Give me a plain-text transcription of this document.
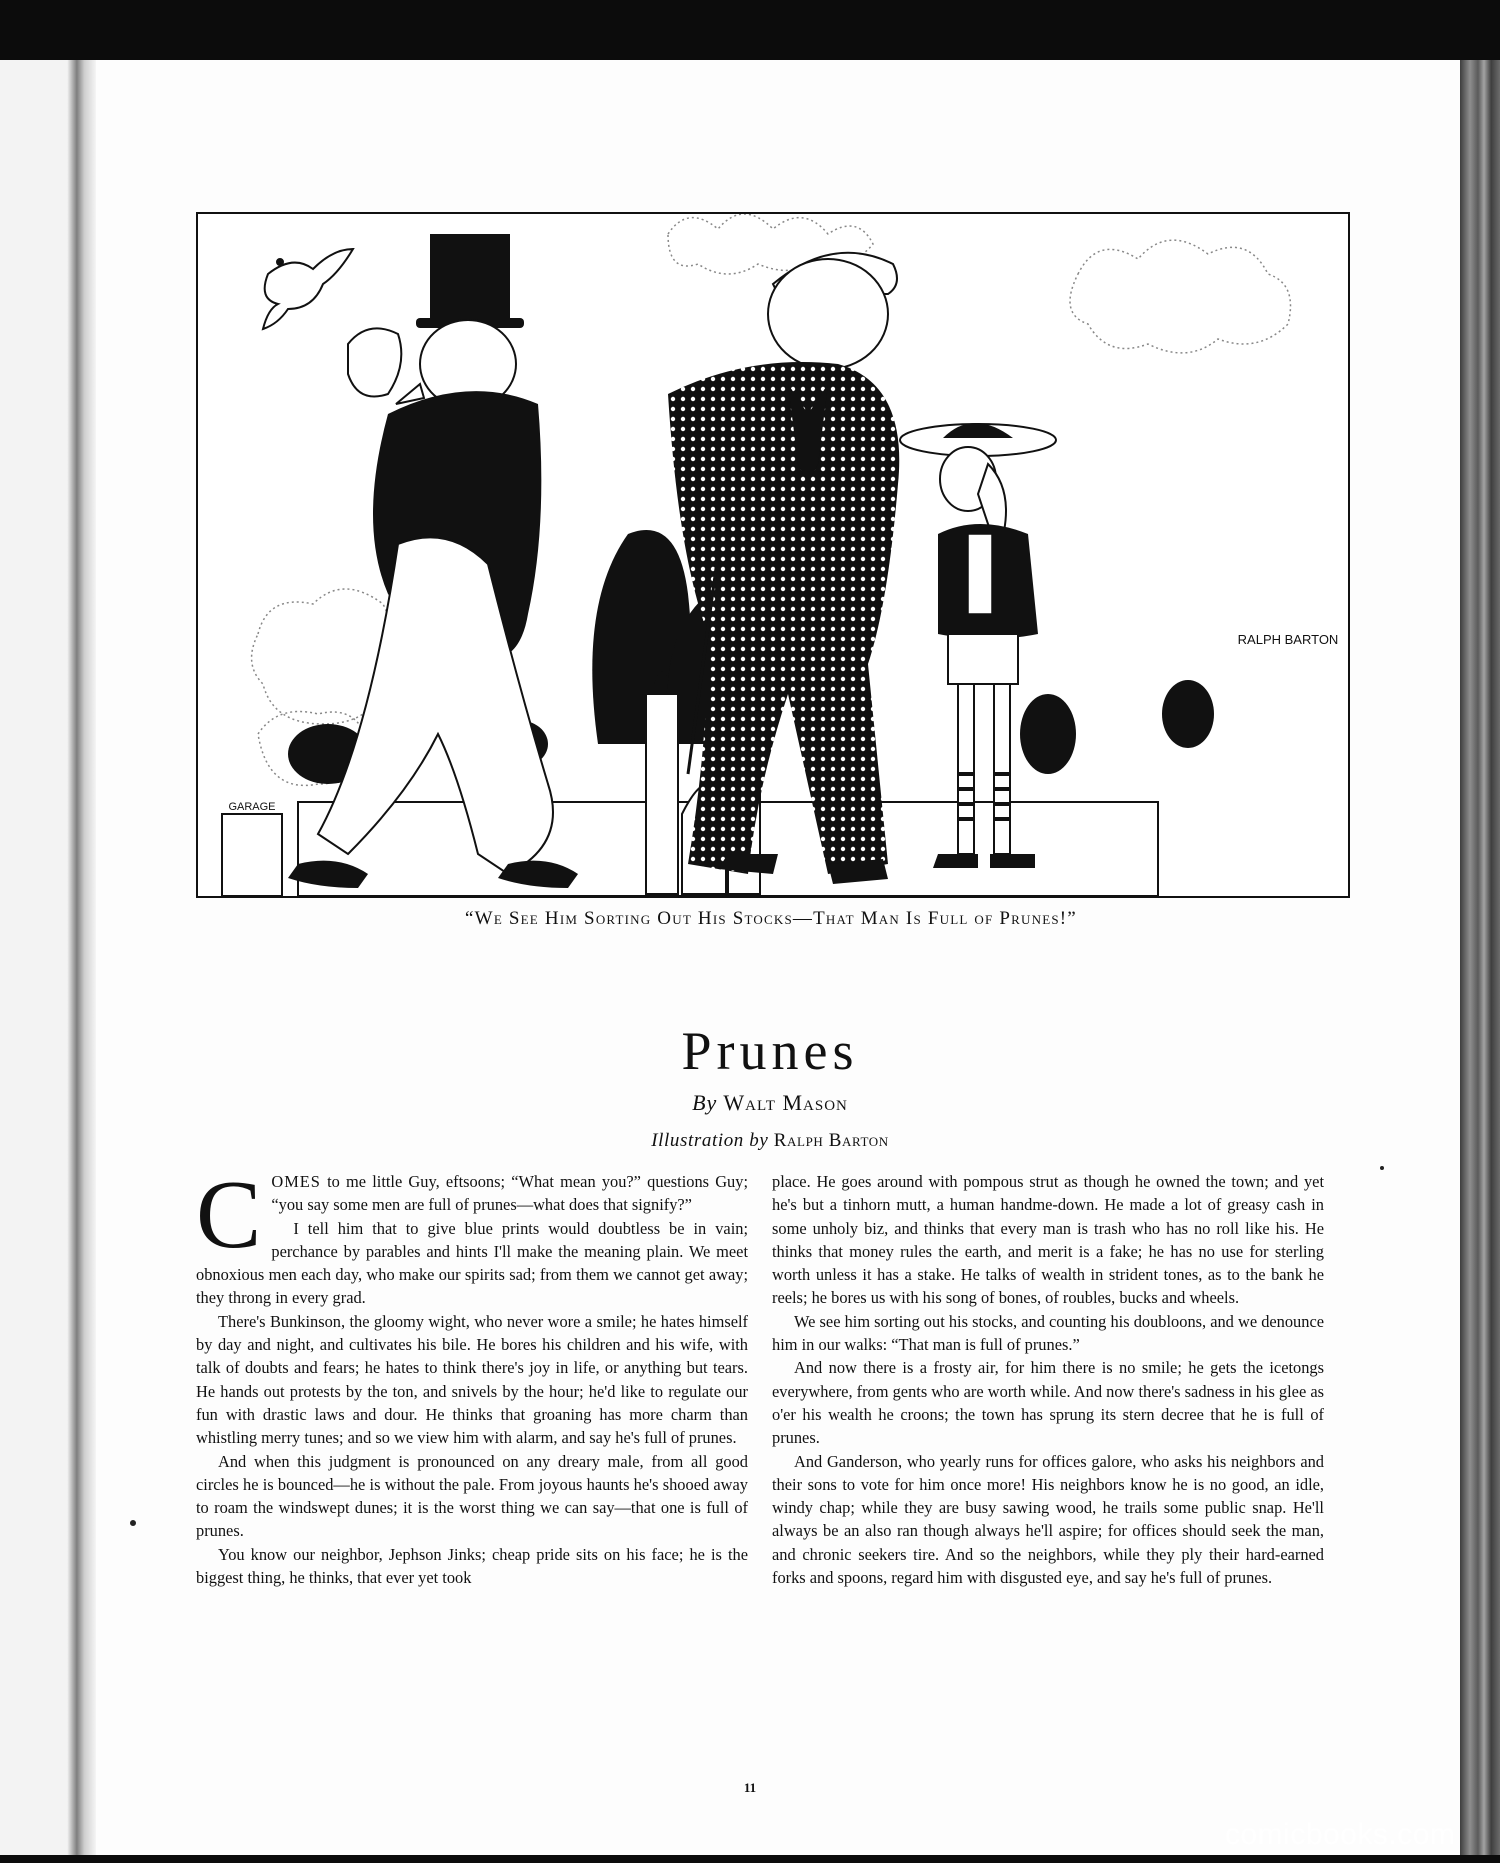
GARAGE
RALPH BARTON
“We See Him Sorting Out His Stocks—That Man Is Full of Prunes!”
Prunes
By Walt Mason
Illustration by Ralph Barton

COMES to me little Guy, eftsoons; “What mean you?” questions Guy; “you say some men are full of prunes—what does that signify?”

I tell him that to give blue prints would doubtless be in vain; perchance by parables and hints I'll make the meaning plain. We meet obnoxious men each day, who make our spirits sad; from them we cannot get away; they throng in every grad.

There's Bunkinson, the gloomy wight, who never wore a smile; he hates himself by day and night, and cultivates his bile. He bores his children and his wife, with talk of doubts and fears; he hates to think there's joy in life, or anything but tears. He hands out protests by the ton, and snivels by the hour; he'd like to regulate our fun with drastic laws and dour. He thinks that groaning has more charm than whistling merry tunes; and so we view him with alarm, and say he's full of prunes.

And when this judgment is pronounced on any dreary male, from all good circles he is bounced—he is without the pale. From joyous haunts he's shooed away to roam the windswept dunes; it is the worst thing we can say—that one is full of prunes.

You know our neighbor, Jephson Jinks; cheap pride sits on his face; he is the biggest thing, he thinks, that ever yet took

place. He goes around with pompous strut as though he owned the town; and yet he's but a tinhorn mutt, a human handme-down. He made a lot of greasy cash in some unholy biz, and thinks that every man is trash who has no roll like his. He thinks that money rules the earth, and merit is a fake; he has no use for sterling worth unless it has a stake. He talks of wealth in strident tones, as to the bank he reels; he bores us with his song of bones, of roubles, bucks and wheels.

We see him sorting out his stocks, and counting his doubloons, and we denounce him in our walks: “That man is full of prunes.”

And now there is a frosty air, for him there is no smile; he gets the icetongs everywhere, from gents who are worth while. And now there's sadness in his glee as o'er his wealth he croons; the town has sprung its stern decree that he is full of prunes.

And Ganderson, who yearly runs for offices galore, who asks his neighbors and their sons to vote for him once more! His neighbors know he is no good, an idle, windy chap; while they are busy sawing wood, he trails some public snap. He'll always be an also ran though always he'll aspire; for offices should seek the man, and chronic seekers tire. And so the neighbors, while they ply their hard-earned forks and spoons, regard him with disgusted eye, and say he's full of prunes.

11
comicbooks.com
